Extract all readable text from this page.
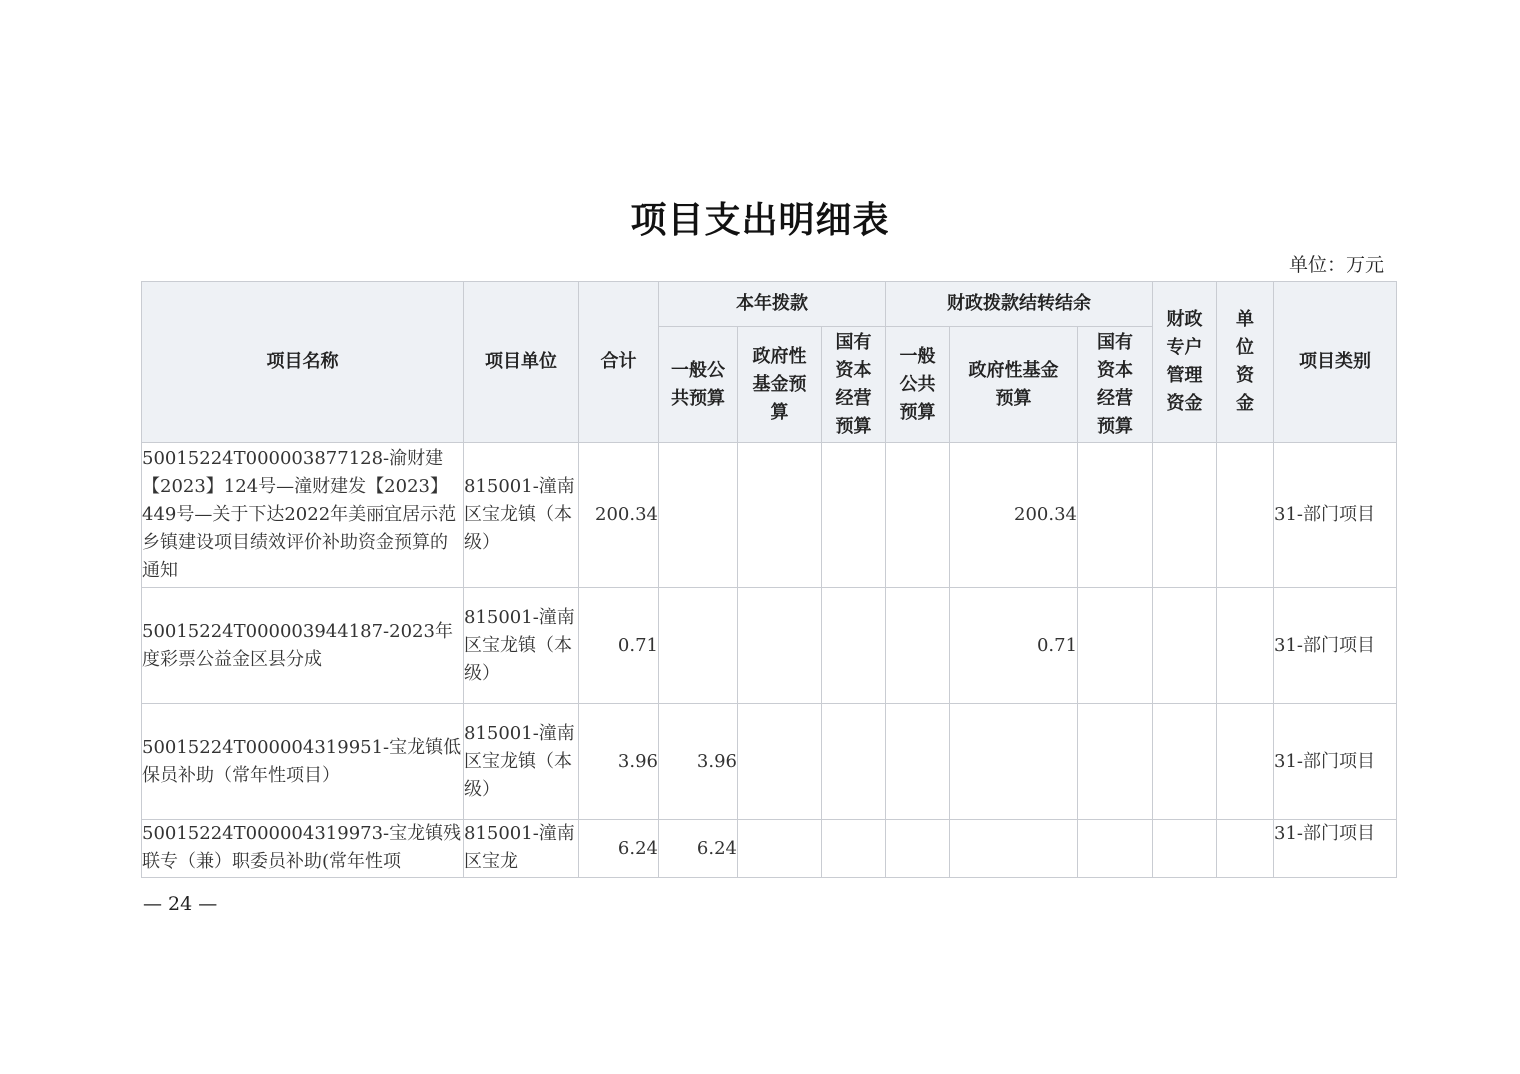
项目支出明细表
单位：万元
项目名称	项目单位	合计	本年拨款			财政拨款结转结余			财政专户管理资金	单位资金	项目类别
			一般公共预算	政府性基金预算	国有资本经营预算	一般公共预算	政府性基金预算	国有资本经营预算			
50015224T000003877128-渝财建【2023】124号—潼财建发【2023】449号—关于下达2022年美丽宜居示范乡镇建设项目绩效评价补助资金预算的通知	815001-潼南区宝龙镇（本级）	200.34					200.34				31-部门项目
50015224T000003944187-2023年度彩票公益金区县分成	815001-潼南区宝龙镇（本级）	0.71					0.71				31-部门项目
50015224T000004319951-宝龙镇低保员补助（常年性项目）	815001-潼南区宝龙镇（本级）	3.96	3.96								31-部门项目

50015224T000004319973-宝龙镇残联专（兼）职委员补助(常年性项	815001-潼南区宝龙	6.24	6.24								31-部门项目
— 24 —
